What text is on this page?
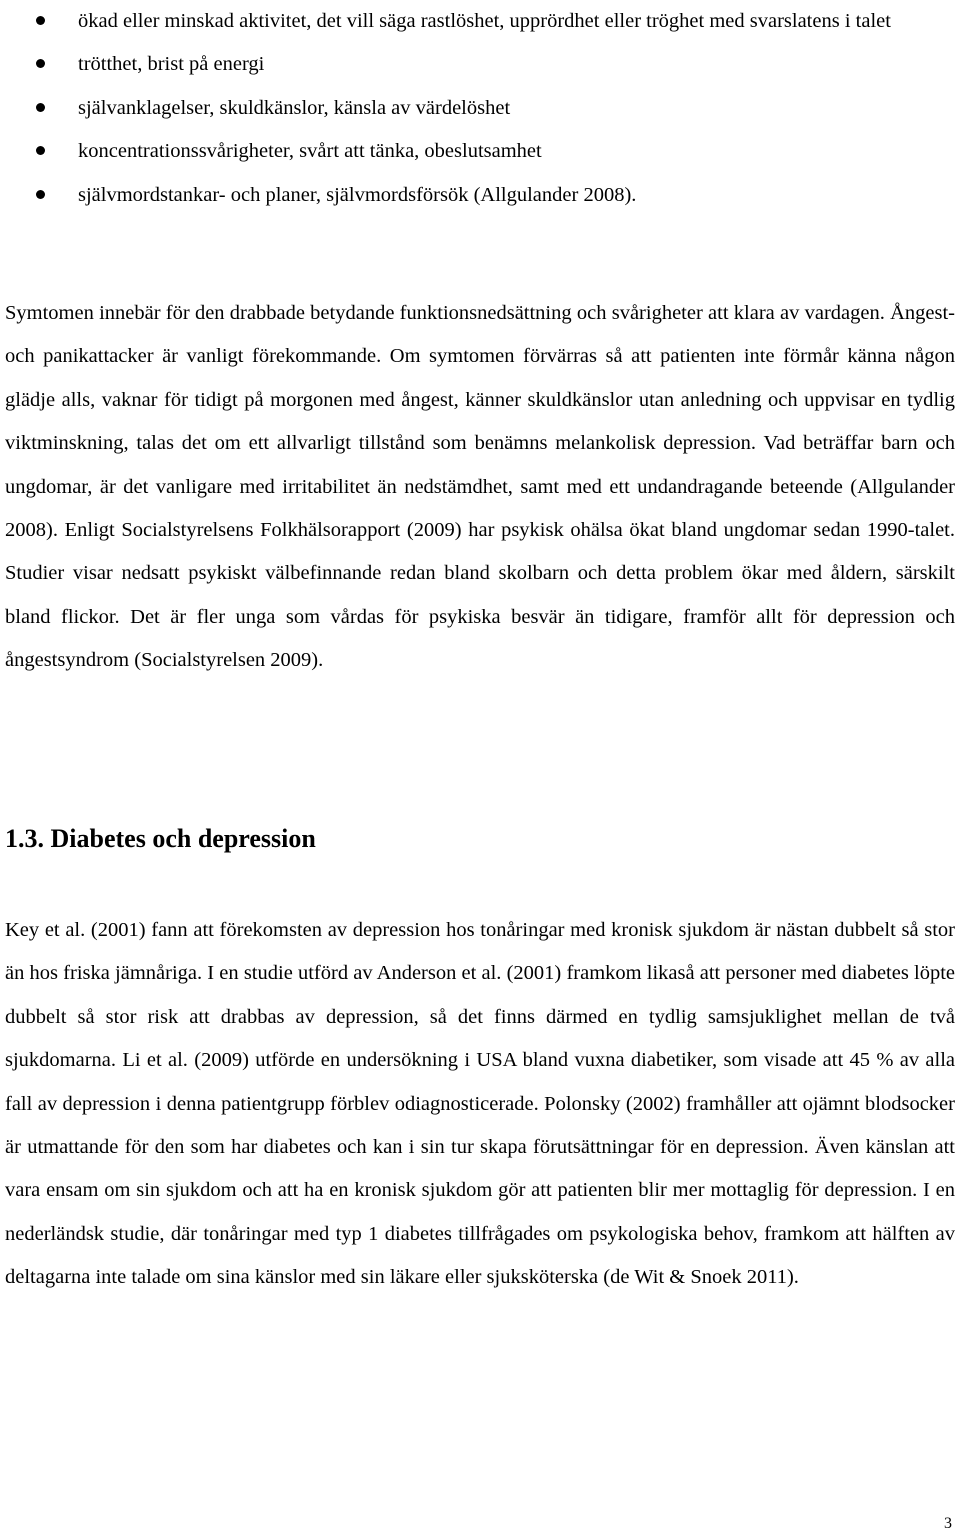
ökad eller minskad aktivitet, det vill säga rastlöshet, upprördhet eller tröghet med svarslatens i talet
trötthet, brist på energi
självanklagelser, skuldkänslor, känsla av värdelöshet
koncentrationssvårigheter, svårt att tänka, obeslutsamhet
självmordstankar- och planer, självmordsförsök (Allgulander 2008).

Symtomen innebär för den drabbade betydande funktionsnedsättning och svårigheter att klara av vardagen. Ångest- och panikattacker är vanligt förekommande. Om symtomen förvärras så att patienten inte förmår känna någon glädje alls, vaknar för tidigt på morgonen med ångest, känner skuldkänslor utan anledning och uppvisar en tydlig viktminskning, talas det om ett allvarligt tillstånd som benämns melankolisk depression. Vad beträffar barn och ungdomar, är det vanligare med irritabilitet än nedstämdhet, samt med ett undandragande beteende (Allgulander 2008). Enligt Socialstyrelsens Folkhälsorapport (2009) har psykisk ohälsa ökat bland ungdomar sedan 1990-talet. Studier visar nedsatt psykiskt välbefinnande redan bland skolbarn och detta problem ökar med åldern, särskilt bland flickor. Det är fler unga som vårdas för psykiska besvär än tidigare, framför allt för depression och ångestsyndrom (Socialstyrelsen 2009).

1.3. Diabetes och depression

Key et al. (2001) fann att förekomsten av depression hos tonåringar med kronisk sjukdom är nästan dubbelt så stor än hos friska jämnåriga. I en studie utförd av Anderson et al. (2001) framkom likaså att personer med diabetes löpte dubbelt så stor risk att drabbas av depression, så det finns därmed en tydlig samsjuklighet mellan de två sjukdomarna. Li et al. (2009) utförde en undersökning i USA bland vuxna diabetiker, som visade att 45 % av alla fall av depression i denna patientgrupp förblev odiagnosticerade. Polonsky (2002) framhåller att ojämnt blodsocker är utmattande för den som har diabetes och kan i sin tur skapa förutsättningar för en depression. Även känslan att vara ensam om sin sjukdom och att ha en kronisk sjukdom gör att patienten blir mer mottaglig för depression. I en nederländsk studie, där tonåringar med typ 1 diabetes tillfrågades om psykologiska behov, framkom att hälften av deltagarna inte talade om sina känslor med sin läkare eller sjuksköterska (de Wit & Snoek 2011).

3
